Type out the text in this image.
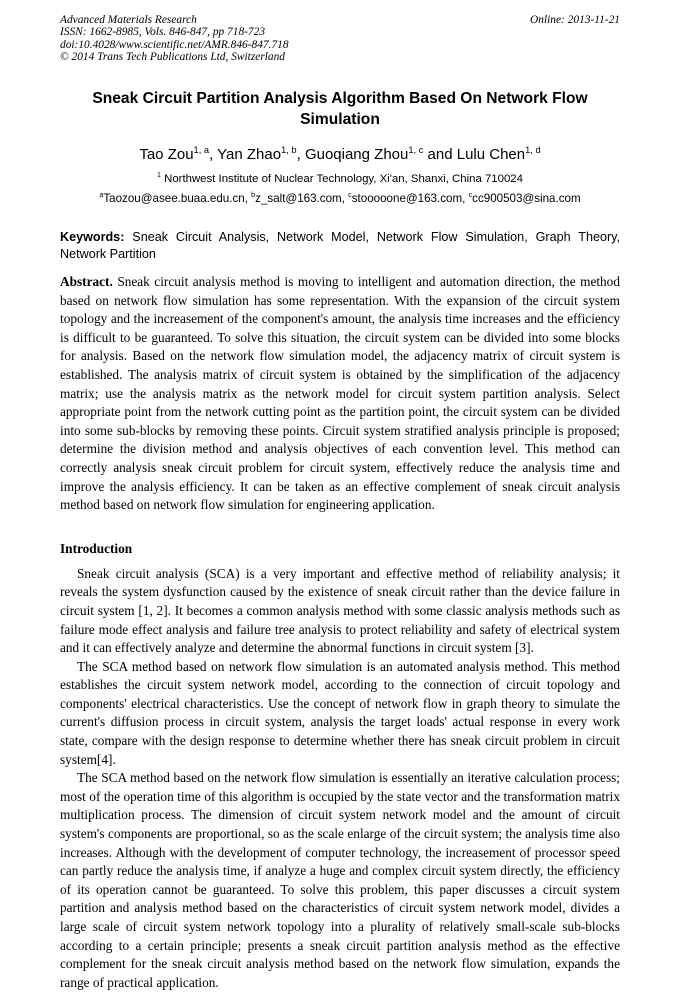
Advanced Materials Research
ISSN: 1662-8985, Vols. 846-847, pp 718-723
doi:10.4028/www.scientific.net/AMR.846-847.718
© 2014 Trans Tech Publications Ltd, Switzerland
Online: 2013-11-21
Sneak Circuit Partition Analysis Algorithm Based On Network Flow Simulation
Tao Zou$^{1, a}$, Yan Zhao$^{1, b}$, Guoqiang Zhou$^{1, c}$ and Lulu Chen$^{1, d}$
$^1$ Northwest Institute of Nuclear Technology, Xi'an, Shanxi, China 710024
$^a$Taozou@asee.buaa.edu.cn, $^b$z_salt@163.com, $^c$stooooone@163.com, $^c$cc900503@sina.com
Keywords: Sneak Circuit Analysis, Network Model, Network Flow Simulation, Graph Theory, Network Partition
Abstract. Sneak circuit analysis method is moving to intelligent and automation direction, the method based on network flow simulation has some representation. With the expansion of the circuit system topology and the increasement of the component's amount, the analysis time increases and the efficiency is difficult to be guaranteed. To solve this situation, the circuit system can be divided into some blocks for analysis. Based on the network flow simulation model, the adjacency matrix of circuit system is established. The analysis matrix of circuit system is obtained by the simplification of the adjacency matrix; use the analysis matrix as the network model for circuit system partition analysis. Select appropriate point from the network cutting point as the partition point, the circuit system can be divided into some sub-blocks by removing these points. Circuit system stratified analysis principle is proposed; determine the division method and analysis objectives of each convention level. This method can correctly analysis sneak circuit problem for circuit system, effectively reduce the analysis time and improve the analysis efficiency. It can be taken as an effective complement of sneak circuit analysis method based on network flow simulation for engineering application.
Introduction

Sneak circuit analysis (SCA) is a very important and effective method of reliability analysis; it reveals the system dysfunction caused by the existence of sneak circuit rather than the device failure in circuit system [1, 2]. It becomes a common analysis method with some classic analysis methods such as failure mode effect analysis and failure tree analysis to protect reliability and safety of electrical system and it can effectively analyze and determine the abnormal functions in circuit system [3].

The SCA method based on network flow simulation is an automated analysis method. This method establishes the circuit system network model, according to the connection of circuit topology and components' electrical characteristics. Use the concept of network flow in graph theory to simulate the current's diffusion process in circuit system, analysis the target loads' actual response in every work state, compare with the design response to determine whether there has sneak circuit problem in circuit system[4].

The SCA method based on the network flow simulation is essentially an iterative calculation process; most of the operation time of this algorithm is occupied by the state vector and the transformation matrix multiplication process. The dimension of circuit system network model and the amount of circuit system's components are proportional, so as the scale enlarge of the circuit system; the analysis time also increases. Although with the development of computer technology, the increasement of processor speed can partly reduce the analysis time, if analyze a huge and complex circuit system directly, the efficiency of its operation cannot be guaranteed. To solve this problem, this paper discusses a circuit system partition and analysis method based on the characteristics of circuit system network model, divides a large scale of circuit system network topology into a plurality of relatively small-scale sub-blocks according to a certain principle; presents a sneak circuit partition analysis method as the effective complement for the sneak circuit analysis method based on the network flow simulation, expands the range of practical application.
